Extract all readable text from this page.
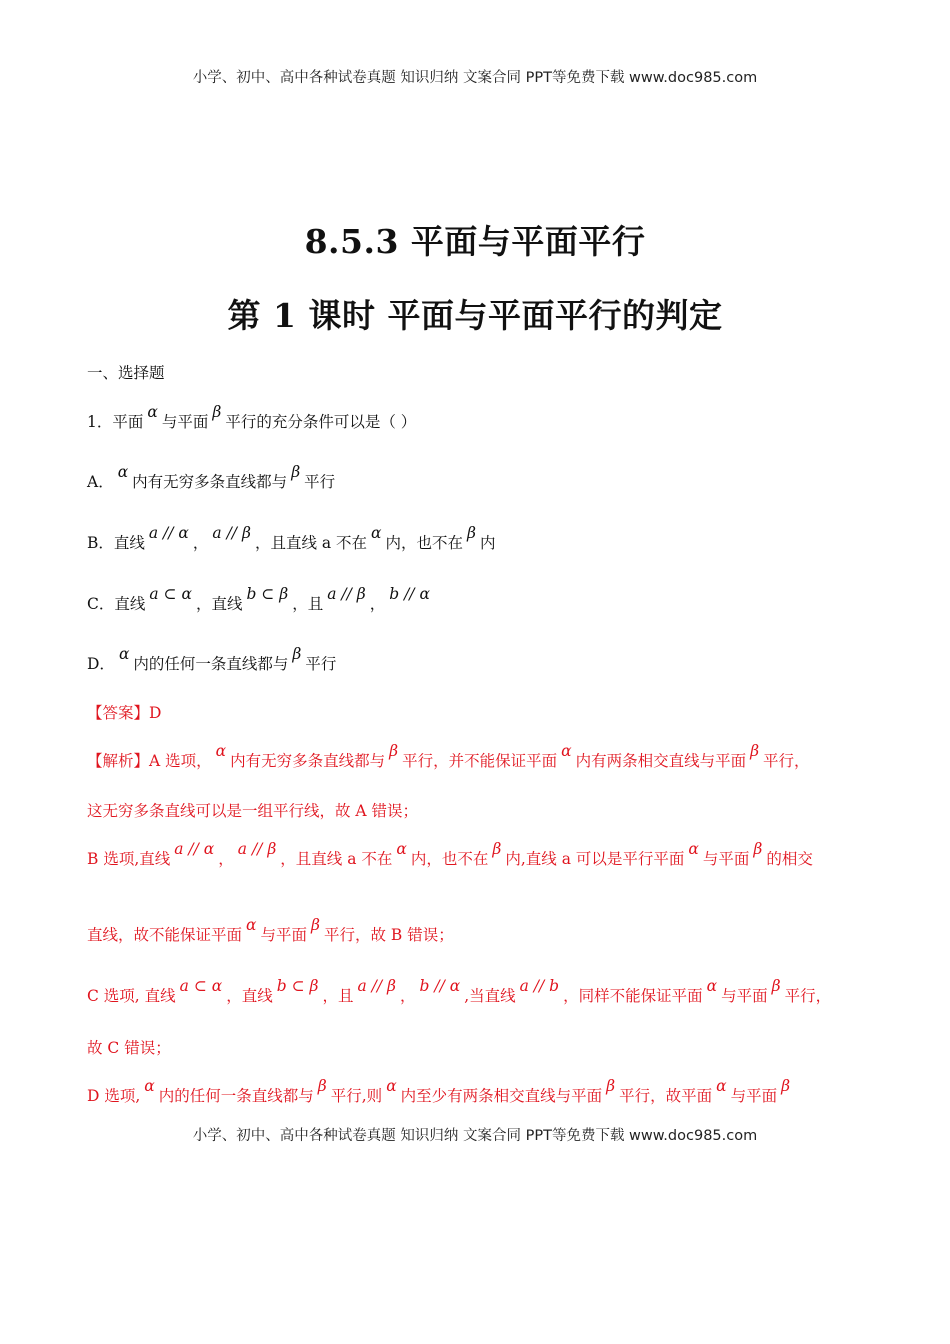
小学、初中、高中各种试卷真题 知识归纳 文案合同 PPT等免费下载 www.doc985.com
8.5.3 平面与平面平行
第 1 课时 平面与平面平行的判定
一、选择题
1．平面α与平面β平行的充分条件可以是（ ）
A．α内有无穷多条直线都与β平行
B．直线a // α，a // β，且直线 a 不在α内，也不在β内
C．直线a ⊂ α，直线b ⊂ β，且a // β，b // α
D．α内的任何一条直线都与β平行
【答案】D
【解析】A 选项，α内有无穷多条直线都与β平行，并不能保证平面α内有两条相交直线与平面β平行，
这无穷多条直线可以是一组平行线，故 A 错误；
B 选项,直线a // α，a // β，且直线 a 不在α内，也不在β内,直线 a 可以是平行平面α与平面β的相交
直线，故不能保证平面α与平面β平行，故 B 错误；
C 选项, 直线a ⊂ α，直线b ⊂ β，且a // β，b // α,当直线a // b，同样不能保证平面α与平面β平行，
故 C 错误；
D 选项,α内的任何一条直线都与β平行,则α内至少有两条相交直线与平面β平行，故平面α与平面β
小学、初中、高中各种试卷真题 知识归纳 文案合同 PPT等免费下载 www.doc985.com
